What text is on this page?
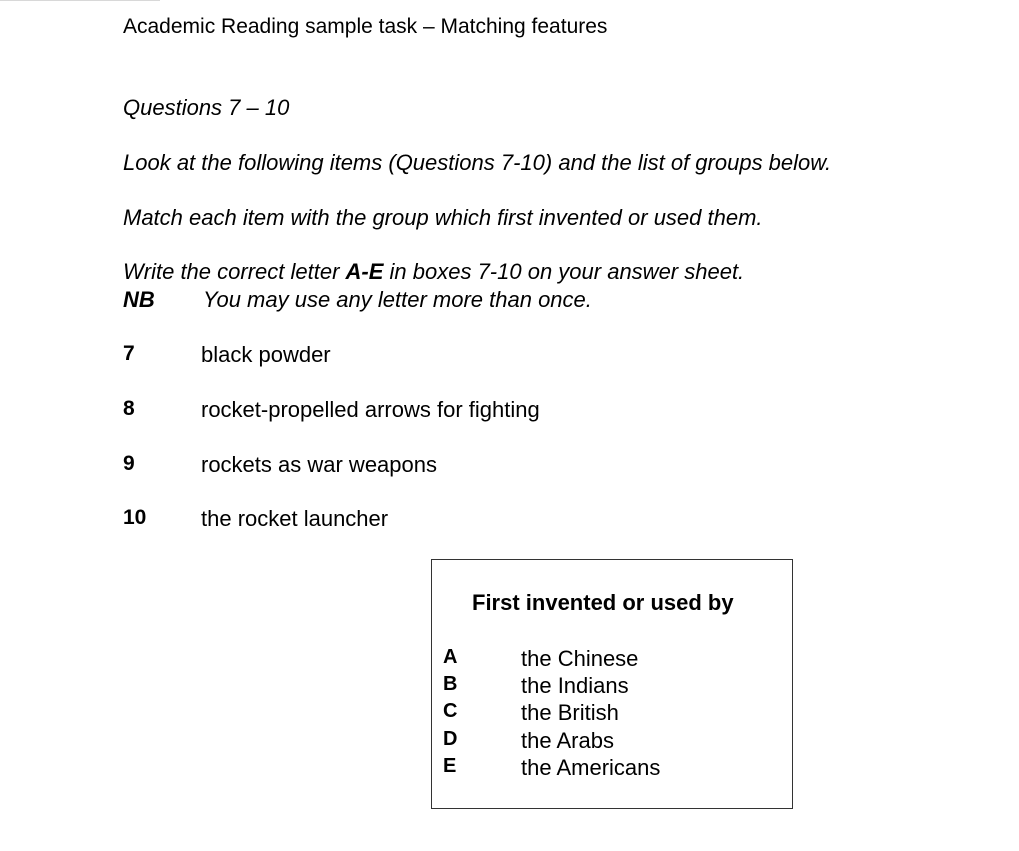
Academic Reading sample task – Matching features
Questions 7 – 10
Look at the following items (Questions 7-10) and the list of groups below.
Match each item with the group which first invented or used them.
Write the correct letter A-E in boxes 7-10 on your answer sheet.
NB You may use any letter more than once.
7	black powder
8	rocket-propelled arrows for fighting
9	rockets as war weapons
10 the rocket launcher
First invented or used by
A	the Chinese
B	the Indians
C	the British
D	the Arabs
E	the Americans
